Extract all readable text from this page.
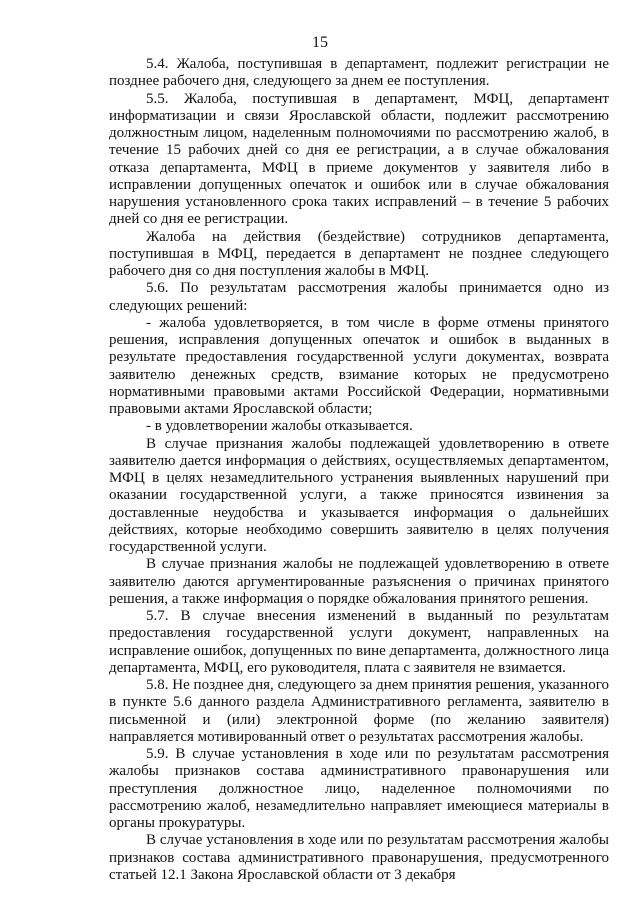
15

5.4. Жалоба, поступившая в департамент, подлежит регистрации не позднее рабочего дня, следующего за днем ее поступления.

5.5. Жалоба, поступившая в департамент, МФЦ, департамент информатизации и связи Ярославской области, подлежит рассмотрению должностным лицом, наделенным полномочиями по рассмотрению жалоб, в течение 15 рабочих дней со дня ее регистрации, а в случае обжалования отказа департамента, МФЦ в приеме документов у заявителя либо в исправлении допущенных опечаток и ошибок или в случае обжалования нарушения установленного срока таких исправлений – в течение 5 рабочих дней со дня ее регистрации.

Жалоба на действия (бездействие) сотрудников департамента, поступившая в МФЦ, передается в департамент не позднее следующего рабочего дня со дня поступления жалобы в МФЦ.

5.6. По результатам рассмотрения жалобы принимается одно из следующих решений:

- жалоба удовлетворяется, в том числе в форме отмены принятого решения, исправления допущенных опечаток и ошибок в выданных в результате предоставления государственной услуги документах, возврата заявителю денежных средств, взимание которых не предусмотрено нормативными правовыми актами Российской Федерации, нормативными правовыми актами Ярославской области;

- в удовлетворении жалобы отказывается.

В случае признания жалобы подлежащей удовлетворению в ответе заявителю дается информация о действиях, осуществляемых департаментом, МФЦ в целях незамедлительного устранения выявленных нарушений при оказании государственной услуги, а также приносятся извинения за доставленные неудобства и указывается информация о дальнейших действиях, которые необходимо совершить заявителю в целях получения государственной услуги.

В случае признания жалобы не подлежащей удовлетворению в ответе заявителю даются аргументированные разъяснения о причинах принятого решения, а также информация о порядке обжалования принятого решения.

5.7. В случае внесения изменений в выданный по результатам предоставления государственной услуги документ, направленных на исправление ошибок, допущенных по вине департамента, должностного лица департамента, МФЦ, его руководителя, плата с заявителя не взимается.

5.8. Не позднее дня, следующего за днем принятия решения, указанного в пункте 5.6 данного раздела Административного регламента, заявителю в письменной и (или) электронной форме (по желанию заявителя) направляется мотивированный ответ о результатах рассмотрения жалобы.

5.9. В случае установления в ходе или по результатам рассмотрения жалобы признаков состава административного правонарушения или преступления должностное лицо, наделенное полномочиями по рассмотрению жалоб, незамедлительно направляет имеющиеся материалы в органы прокуратуры.

В случае установления в ходе или по результатам рассмотрения жалобы признаков состава административного правонарушения, предусмотренного статьей 12.1 Закона Ярославской области от 3 декабря
